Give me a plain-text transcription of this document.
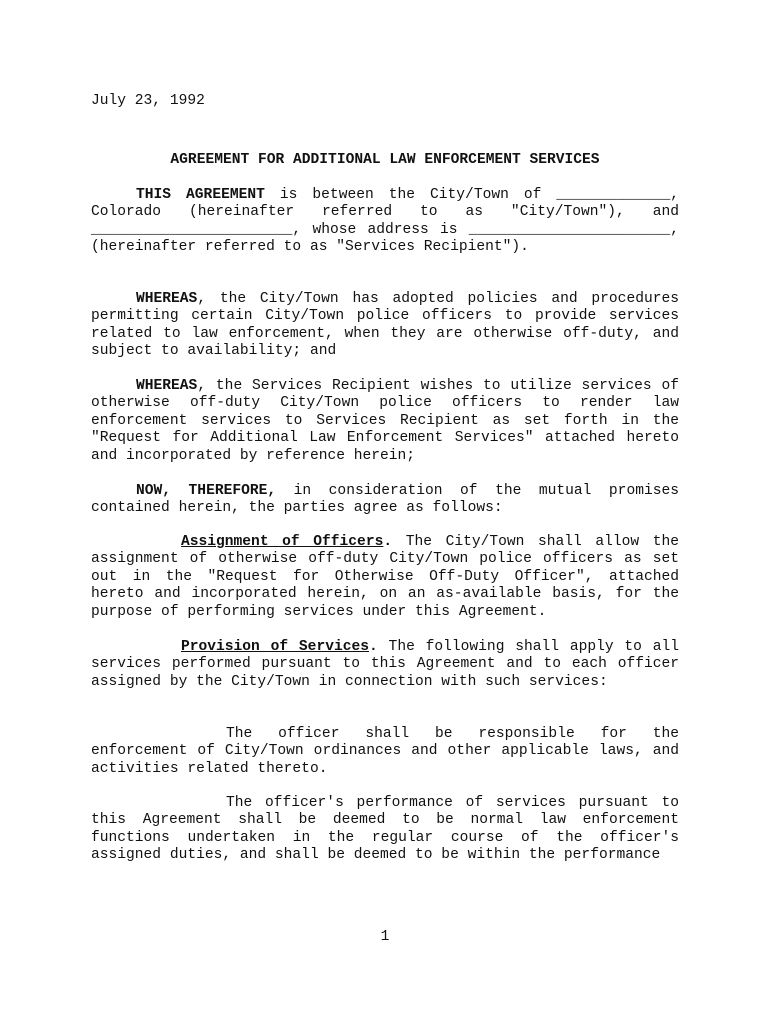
July 23, 1992
AGREEMENT FOR ADDITIONAL LAW ENFORCEMENT SERVICES

THIS AGREEMENT is between the City/Town of _____________, Colorado (hereinafter referred to as "City/Town"), and _______________________, whose address is _______________________, (hereinafter referred to as "Services Recipient").

WHEREAS, the City/Town has adopted policies and procedures permitting certain City/Town police officers to provide services related to law enforcement, when they are otherwise off-duty, and subject to availability; and

WHEREAS, the Services Recipient wishes to utilize services of otherwise off-duty City/Town police officers to render law enforcement services to Services Recipient as set forth in the "Request for Additional Law Enforcement Services" attached hereto and incorporated by reference herein;

NOW, THEREFORE, in consideration of the mutual promises contained herein, the parties agree as follows:

Assignment of Officers. The City/Town shall allow the assignment of otherwise off-duty City/Town police officers as set out in the "Request for Otherwise Off-Duty Officer", attached hereto and incorporated herein, on an as-available basis, for the purpose of performing services under this Agreement.

Provision of Services. The following shall apply to all services performed pursuant to this Agreement and to each officer assigned by the City/Town in connection with such services:

The officer shall be responsible for the enforcement of City/Town ordinances and other applicable laws, and activities related thereto.

The officer's performance of services pursuant to this Agreement shall be deemed to be normal law enforcement functions undertaken in the regular course of the officer's assigned duties, and shall be deemed to be within the performance

1
